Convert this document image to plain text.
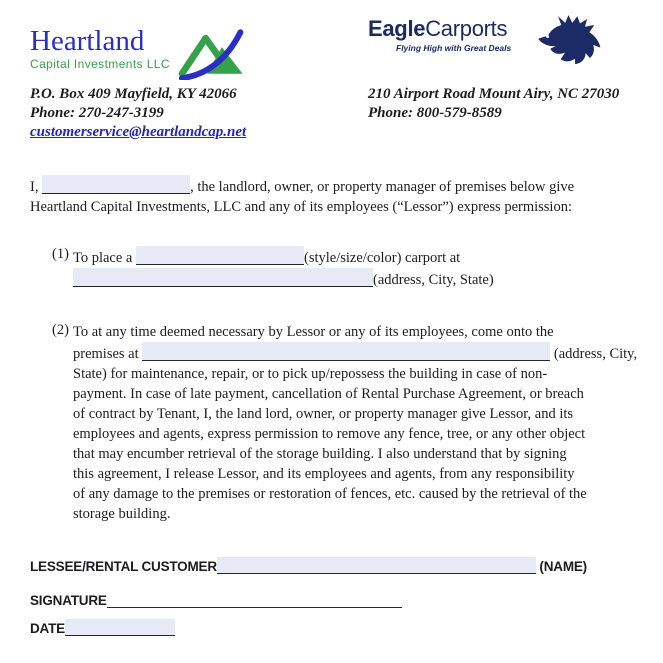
Heartland
Capital Investments LLC
P.O. Box 409 Mayfield, KY 42066
Phone: 270-247-3199
customerservice@heartlandcap.net
EagleCarports
Flying High with Great Deals
210 Airport Road Mount Airy, NC 27030
Phone: 800-579-8589
I,	, the landlord, owner, or property manager of premises below give
Heartland Capital Investments, LLC and any of its employees (“Lessor”) express permission:
(1) To place a	(style/size/color) carport at
(address, City, State)
(2) To at any time deemed necessary by Lessor or any of its employees, come onto the
premises at	(address, City,
State) for maintenance, repair, or to pick up/repossess the building in case of non-
payment. In case of late payment, cancellation of Rental Purchase Agreement, or breach
of contract by Tenant, I, the land lord, owner, or property manager give Lessor, and its
employees and agents, express permission to remove any fence, tree, or any other object
that may encumber retrieval of the storage building. I also understand that by signing
this agreement, I release Lessor, and its employees and agents, from any responsibility
of any damage to the premises or restoration of fences, etc. caused by the retrieval of the
storage building.
LESSEE/RENTAL CUSTOMER	(NAME)
SIGNATURE
DATE
